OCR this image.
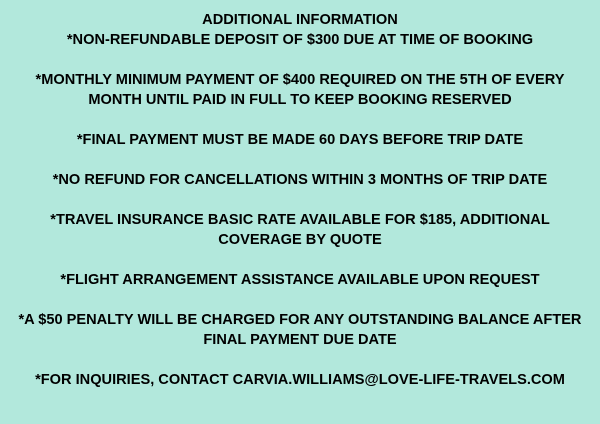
ADDITIONAL INFORMATION
*NON-REFUNDABLE DEPOSIT OF $300 DUE AT TIME OF BOOKING
*MONTHLY MINIMUM PAYMENT OF $400 REQUIRED ON THE 5TH OF EVERY
MONTH UNTIL PAID IN FULL TO KEEP BOOKING RESERVED
*FINAL PAYMENT MUST BE MADE 60 DAYS BEFORE TRIP DATE
*NO REFUND FOR CANCELLATIONS WITHIN 3 MONTHS OF TRIP DATE
*TRAVEL INSURANCE BASIC RATE AVAILABLE FOR $185, ADDITIONAL
COVERAGE BY QUOTE
*FLIGHT ARRANGEMENT ASSISTANCE AVAILABLE UPON REQUEST
*A $50 PENALTY WILL BE CHARGED FOR ANY OUTSTANDING BALANCE AFTER
FINAL PAYMENT DUE DATE
*FOR INQUIRIES, CONTACT CARVIA.WILLIAMS@LOVE-LIFE-TRAVELS.COM
